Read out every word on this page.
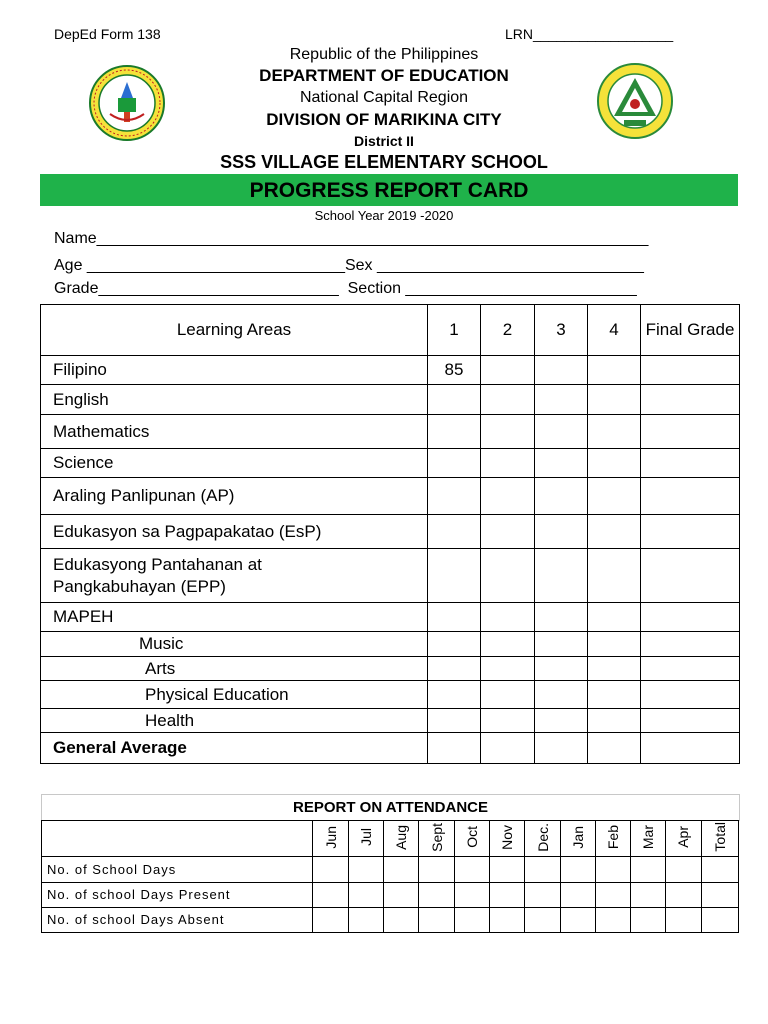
DepEd Form 138	LRN__________________
Republic of the Philippines
DEPARTMENT OF EDUCATION
National Capital Region
DIVISION OF MARIKINA CITY
District II
SSS VILLAGE ELEMENTARY SCHOOL
PROGRESS REPORT CARD
School Year 2019 -2020
Name______________________________________________________________
Age _____________________________Sex ______________________________
Grade___________________________  Section __________________________
Learning Areas	1	2	3	4	Final Grade
Filipino	85				
English					
Mathematics					
Science					
Araling Panlipunan (AP)					
Edukasyon sa Pagpapakatao (EsP)					
Edukasyong Pantahanan at Pangkabuhayan (EPP)					
MAPEH					
Music					
Arts					
Physical Education					
Health					
General Average					
REPORT ON ATTENDANCE
	Jun	Jul	Aug	Sept	Oct	Nov	Dec.	Jan	Feb	Mar	Apr	Total
No. of School Days												
No. of school Days Present												
No. of school Days Absent												
